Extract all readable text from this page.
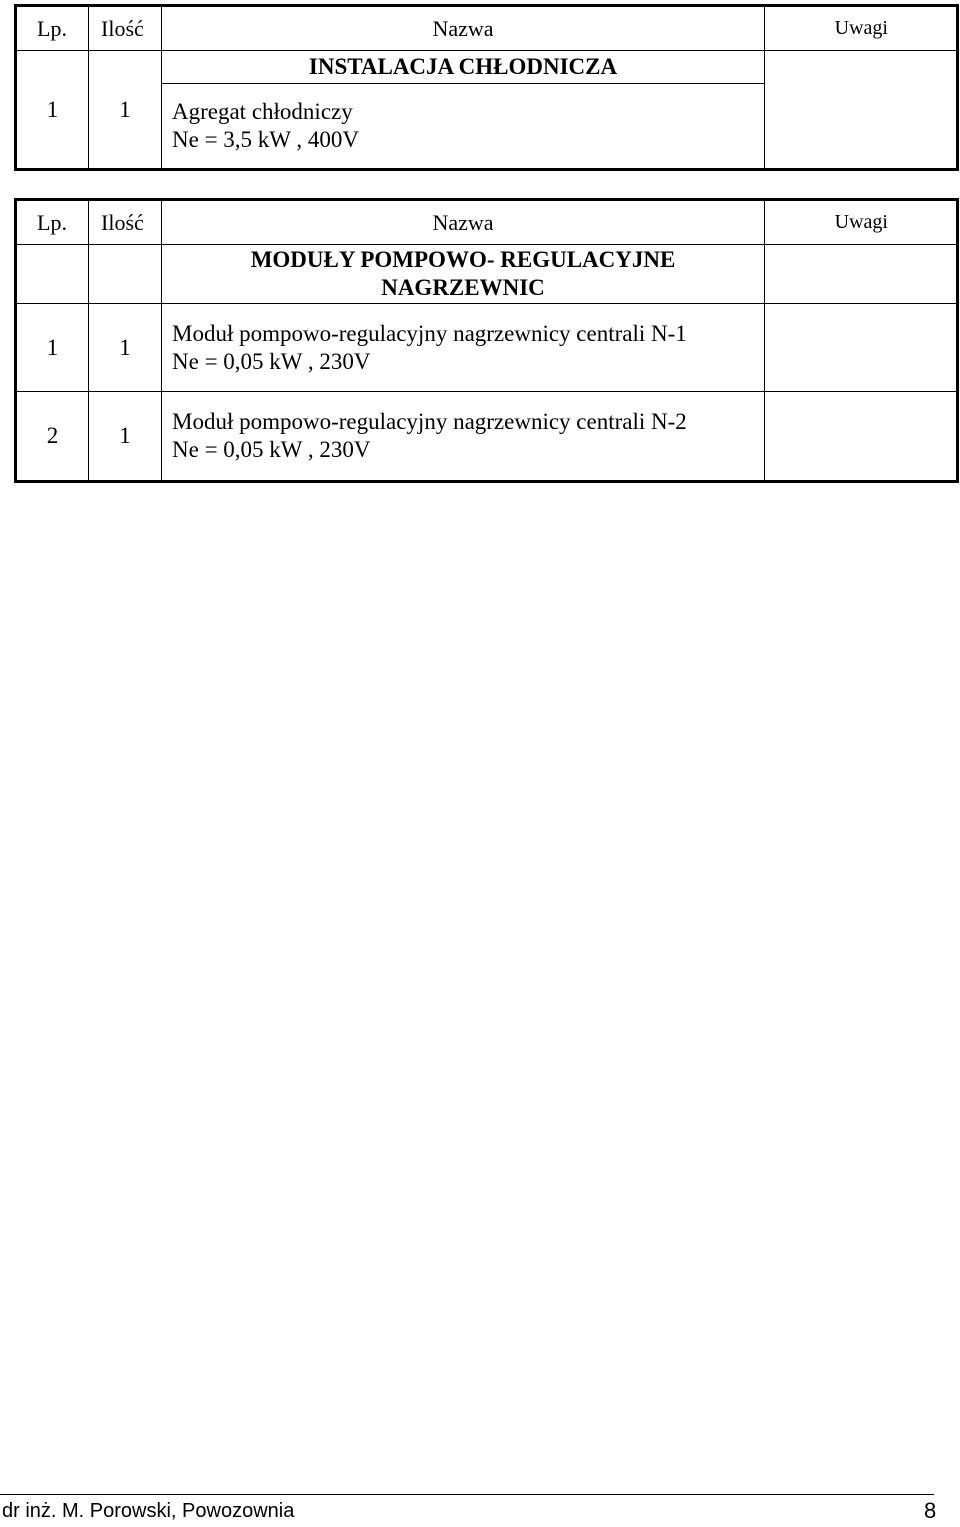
Lp.	Ilość	Nazwa	Uwagi
1	1	INSTALACJA CHŁODNICZA	

		Agregat chłodniczy
Ne = 3,5 kW , 400V	
Lp.	Ilość	Nazwa	Uwagi

		MODUŁY POMPOWO- REGULACYJNE
NAGRZEWNIC	

1	1	Moduł pompowo-regulacyjny nagrzewnicy centrali N-1
Ne = 0,05 kW , 230V	

2	1	Moduł pompowo-regulacyjny nagrzewnicy centrali N-2
Ne = 0,05 kW , 230V	

dr inż. M. Porowski, Powozownia	8
